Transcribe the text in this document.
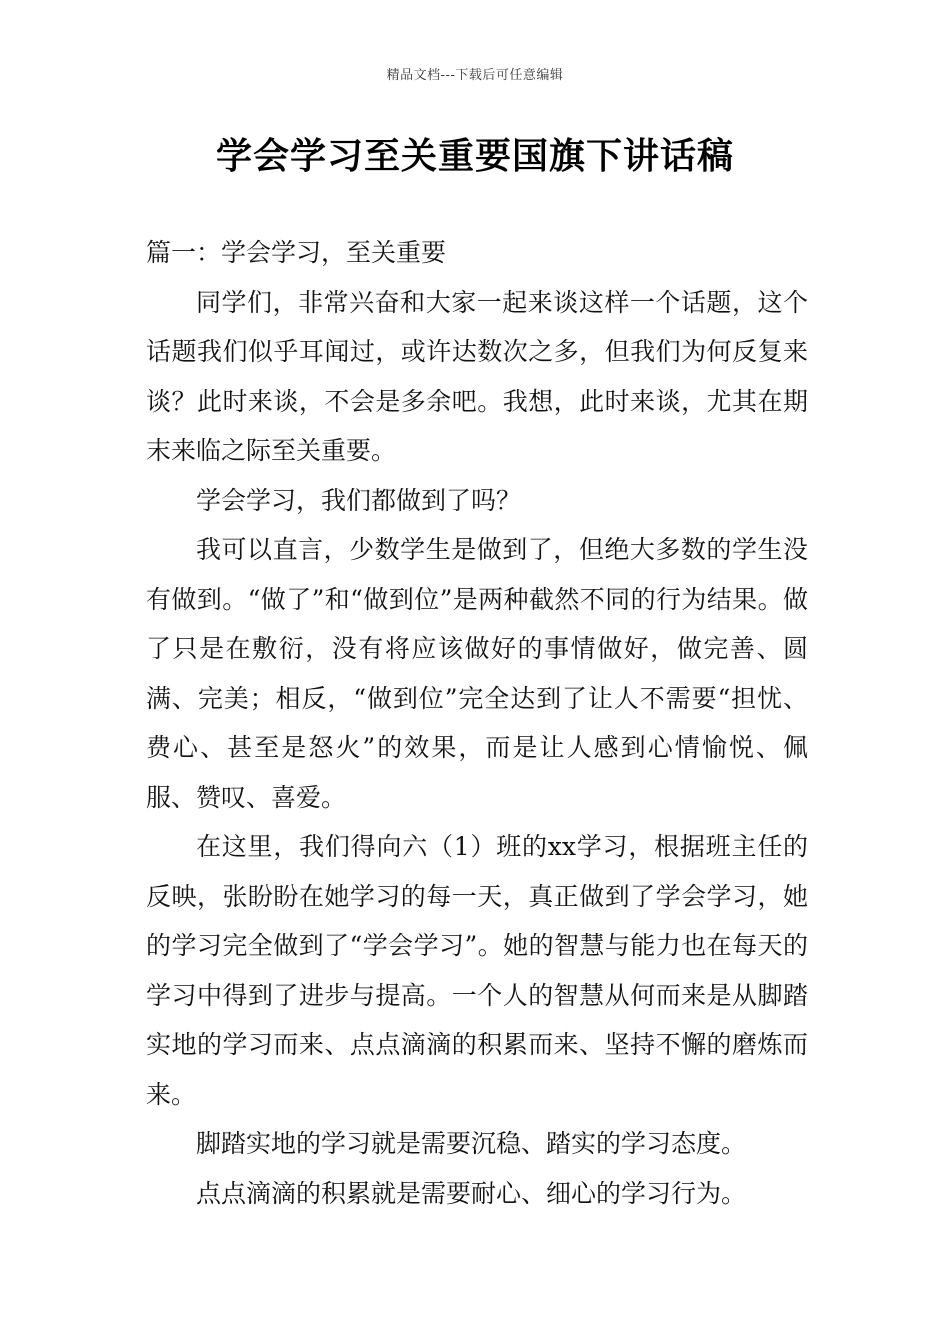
精品文档---下载后可任意编辑
学会学习至关重要国旗下讲话稿

篇一：学会学习，至关重要

同学们，非常兴奋和大家一起来谈这样一个话题，这个话题我们似乎耳闻过，或许达数次之多，但我们为何反复来谈？此时来谈，不会是多余吧。我想，此时来谈，尤其在期末来临之际至关重要。

学会学习，我们都做到了吗？

我可以直言，少数学生是做到了，但绝大多数的学生没有做到。“做了”和“做到位”是两种截然不同的行为结果。做了只是在敷衍，没有将应该做好的事情做好，做完善、圆满、完美；相反，“做到位”完全达到了让人不需要“担忧、费心、甚至是怒火”的效果，而是让人感到心情愉悦、佩服、赞叹、喜爱。

在这里，我们得向六（1）班的xx学习，根据班主任的反映，张盼盼在她学习的每一天，真正做到了学会学习，她的学习完全做到了“学会学习”。她的智慧与能力也在每天的学习中得到了进步与提高。一个人的智慧从何而来是从脚踏实地的学习而来、点点滴滴的积累而来、坚持不懈的磨炼而来。

脚踏实地的学习就是需要沉稳、踏实的学习态度。

点点滴滴的积累就是需要耐心、细心的学习行为。
